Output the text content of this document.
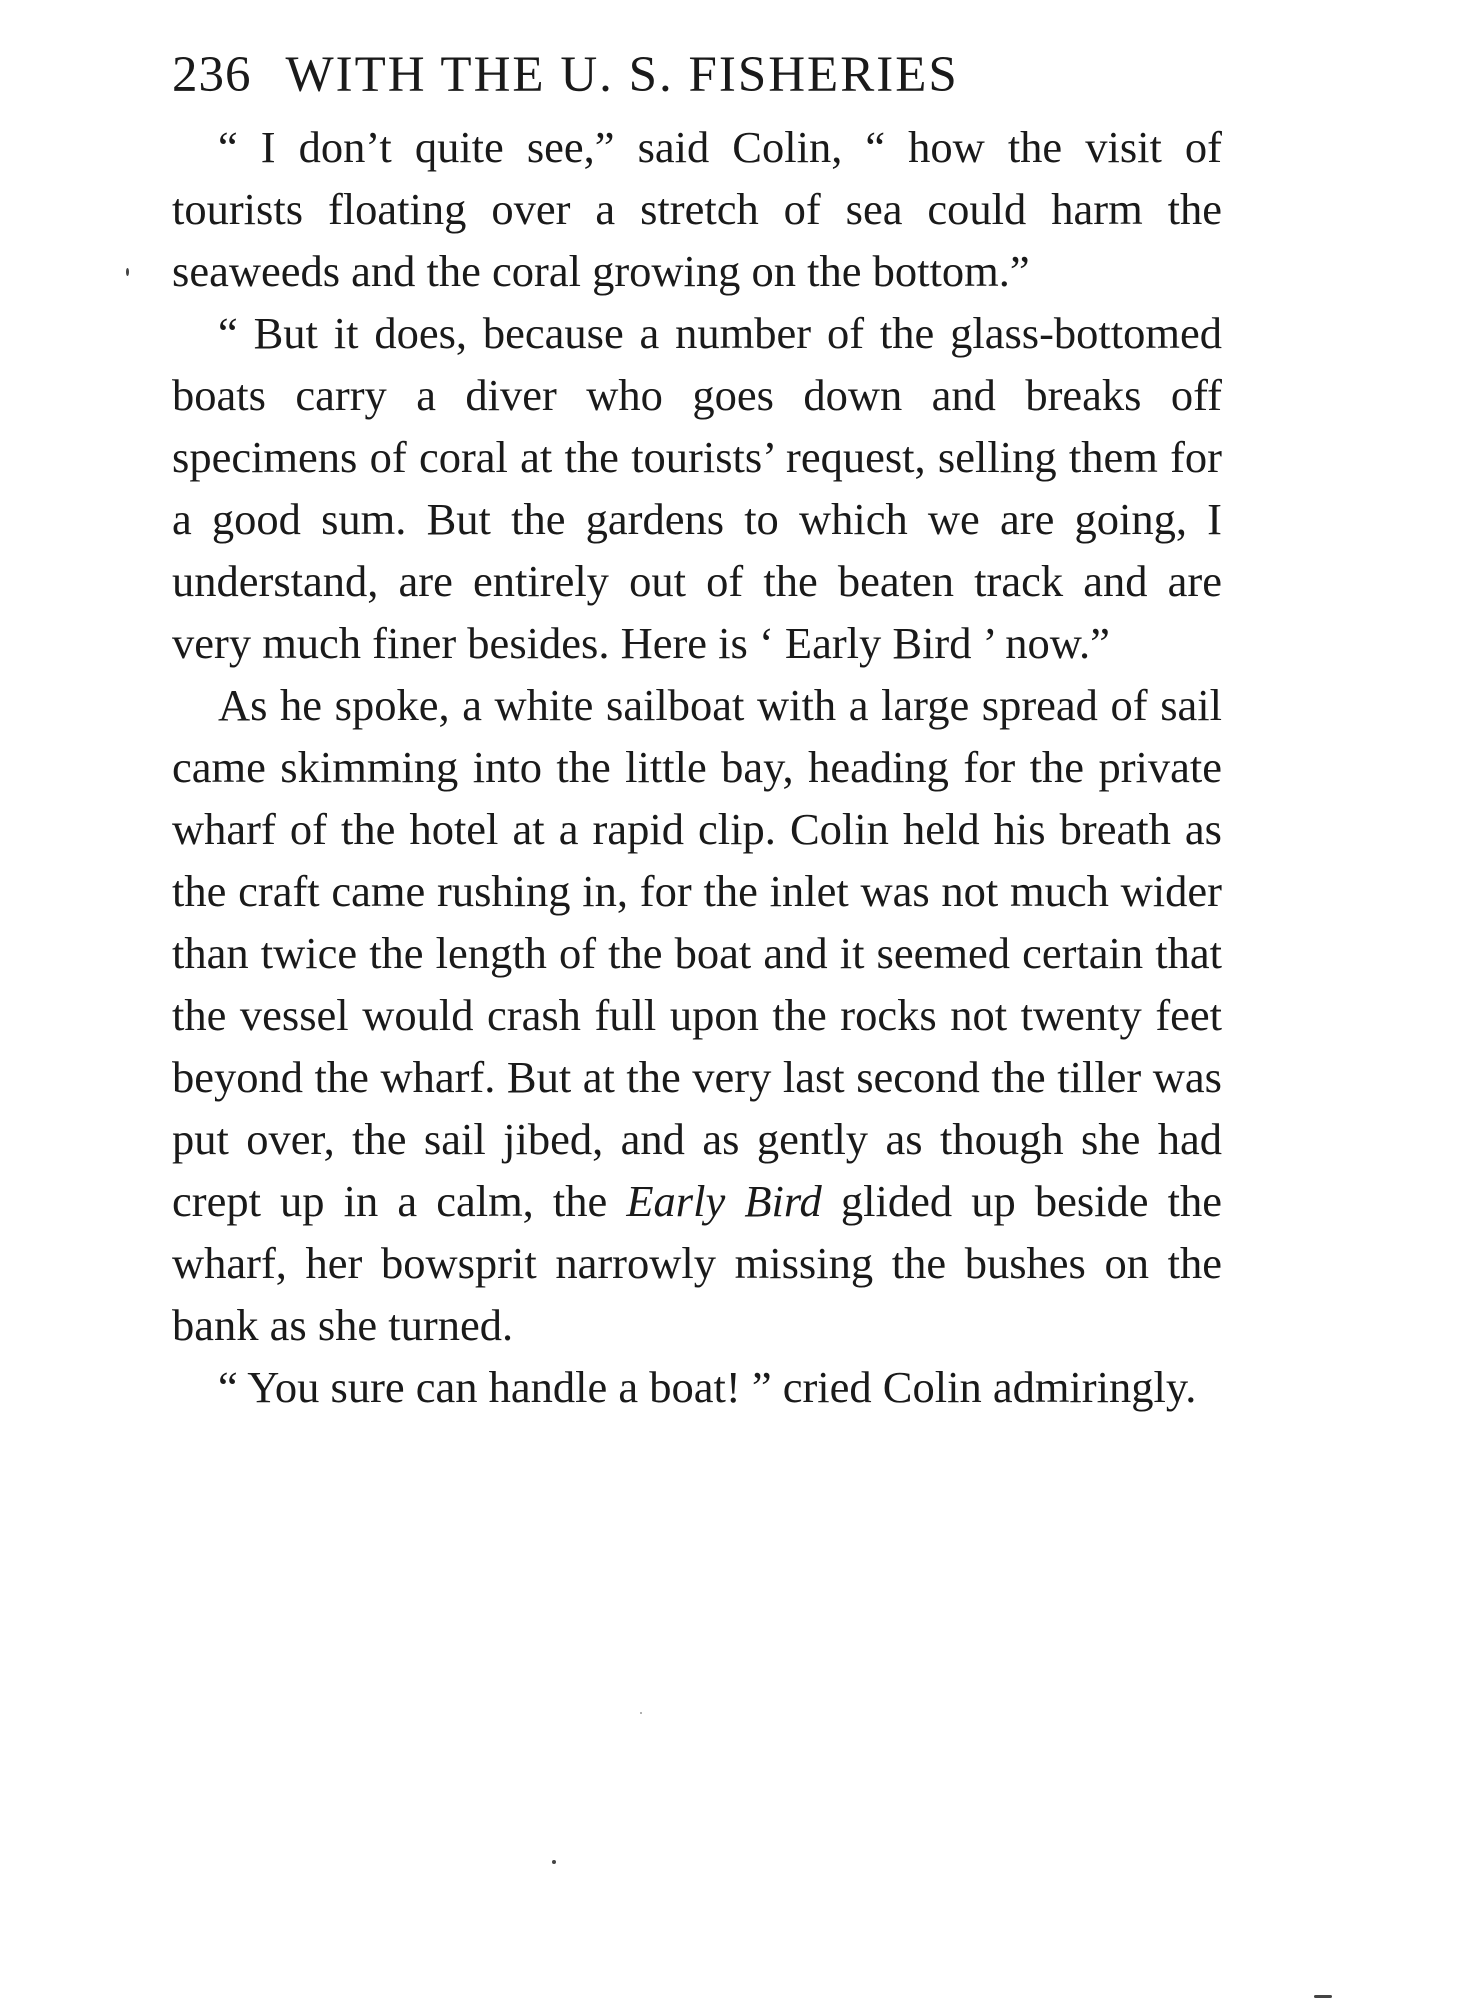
236 WITH THE U. S. FISHERIES

“ I don’t quite see,” said Colin, “ how the visit of tourists floating over a stretch of sea could harm the seaweeds and the coral growing on the bottom.”

“ But it does, because a number of the glass-bottomed boats carry a diver who goes down and breaks off specimens of coral at the tourists’ request, selling them for a good sum. But the gardens to which we are going, I understand, are entirely out of the beaten track and are very much finer besides. Here is ‘ Early Bird ’ now.”

As he spoke, a white sailboat with a large spread of sail came skimming into the little bay, heading for the private wharf of the hotel at a rapid clip. Colin held his breath as the craft came rushing in, for the inlet was not much wider than twice the length of the boat and it seemed certain that the vessel would crash full upon the rocks not twenty feet beyond the wharf. But at the very last second the tiller was put over, the sail jibed, and as gently as though she had crept up in a calm, the Early Bird glided up beside the wharf, her bowsprit narrowly missing the bushes on the bank as she turned.

“ You sure can handle a boat! ” cried Colin admiringly.
